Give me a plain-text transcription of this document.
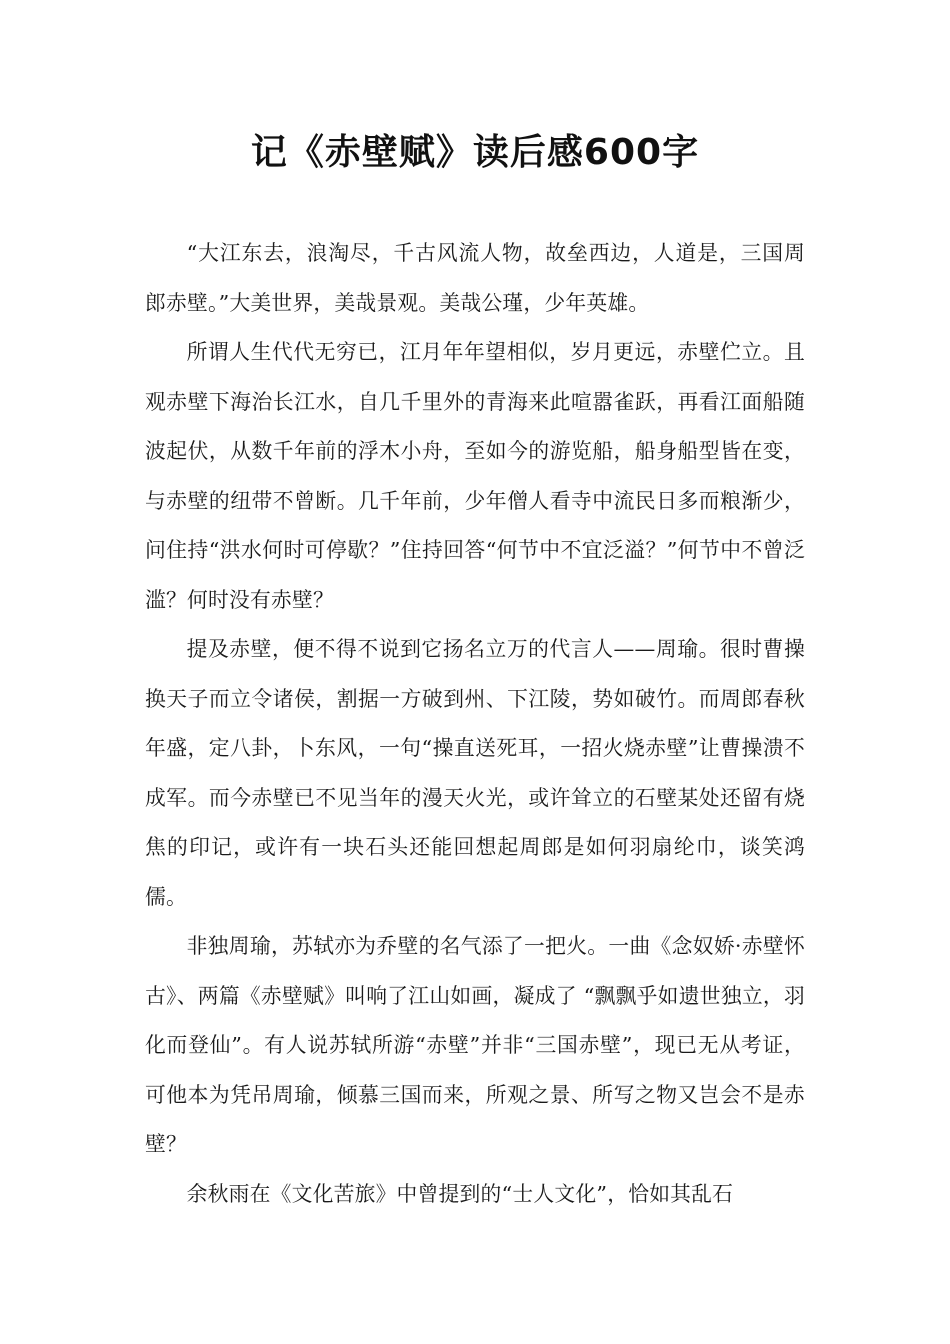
记《赤壁赋》读后感600字

“大江东去，浪淘尽，千古风流人物，故垒西边，人道是，三国周郎赤壁。”大美世界，美哉景观。美哉公瑾，少年英雄。

所谓人生代代无穷已，江月年年望相似，岁月更远，赤壁伫立。且观赤壁下海治长江水，自几千里外的青海来此喧嚣雀跃，再看江面船随波起伏，从数千年前的浮木小舟，至如今的游览船，船身船型皆在变，与赤壁的纽带不曾断。几千年前，少年僧人看寺中流民日多而粮渐少，问住持“洪水何时可停歇？”住持回答“何节中不宜泛溢？”何节中不曾泛滥？何时没有赤壁？

提及赤壁，便不得不说到它扬名立万的代言人——周瑜。很时曹操换天子而立令诸侯，割据一方破到州、下江陵，势如破竹。而周郎春秋年盛，定八卦，卜东风，一句“操直送死耳，一招火烧赤壁”让曹操溃不成军。而今赤壁已不见当年的漫天火光，或许耸立的石壁某处还留有烧焦的印记，或许有一块石头还能回想起周郎是如何羽扇纶巾，谈笑鸿儒。

非独周瑜，苏轼亦为乔壁的名气添了一把火。一曲《念奴娇·赤壁怀古》、两篇《赤壁赋》叫响了江山如画，凝成了 “飘飘乎如遗世独立，羽化而登仙”。有人说苏轼所游“赤壁”并非“三国赤壁”，现已无从考证，可他本为凭吊周瑜，倾慕三国而来，所观之景、所写之物又岂会不是赤壁？

余秋雨在《文化苦旅》中曾提到的“士人文化”，恰如其乱石
